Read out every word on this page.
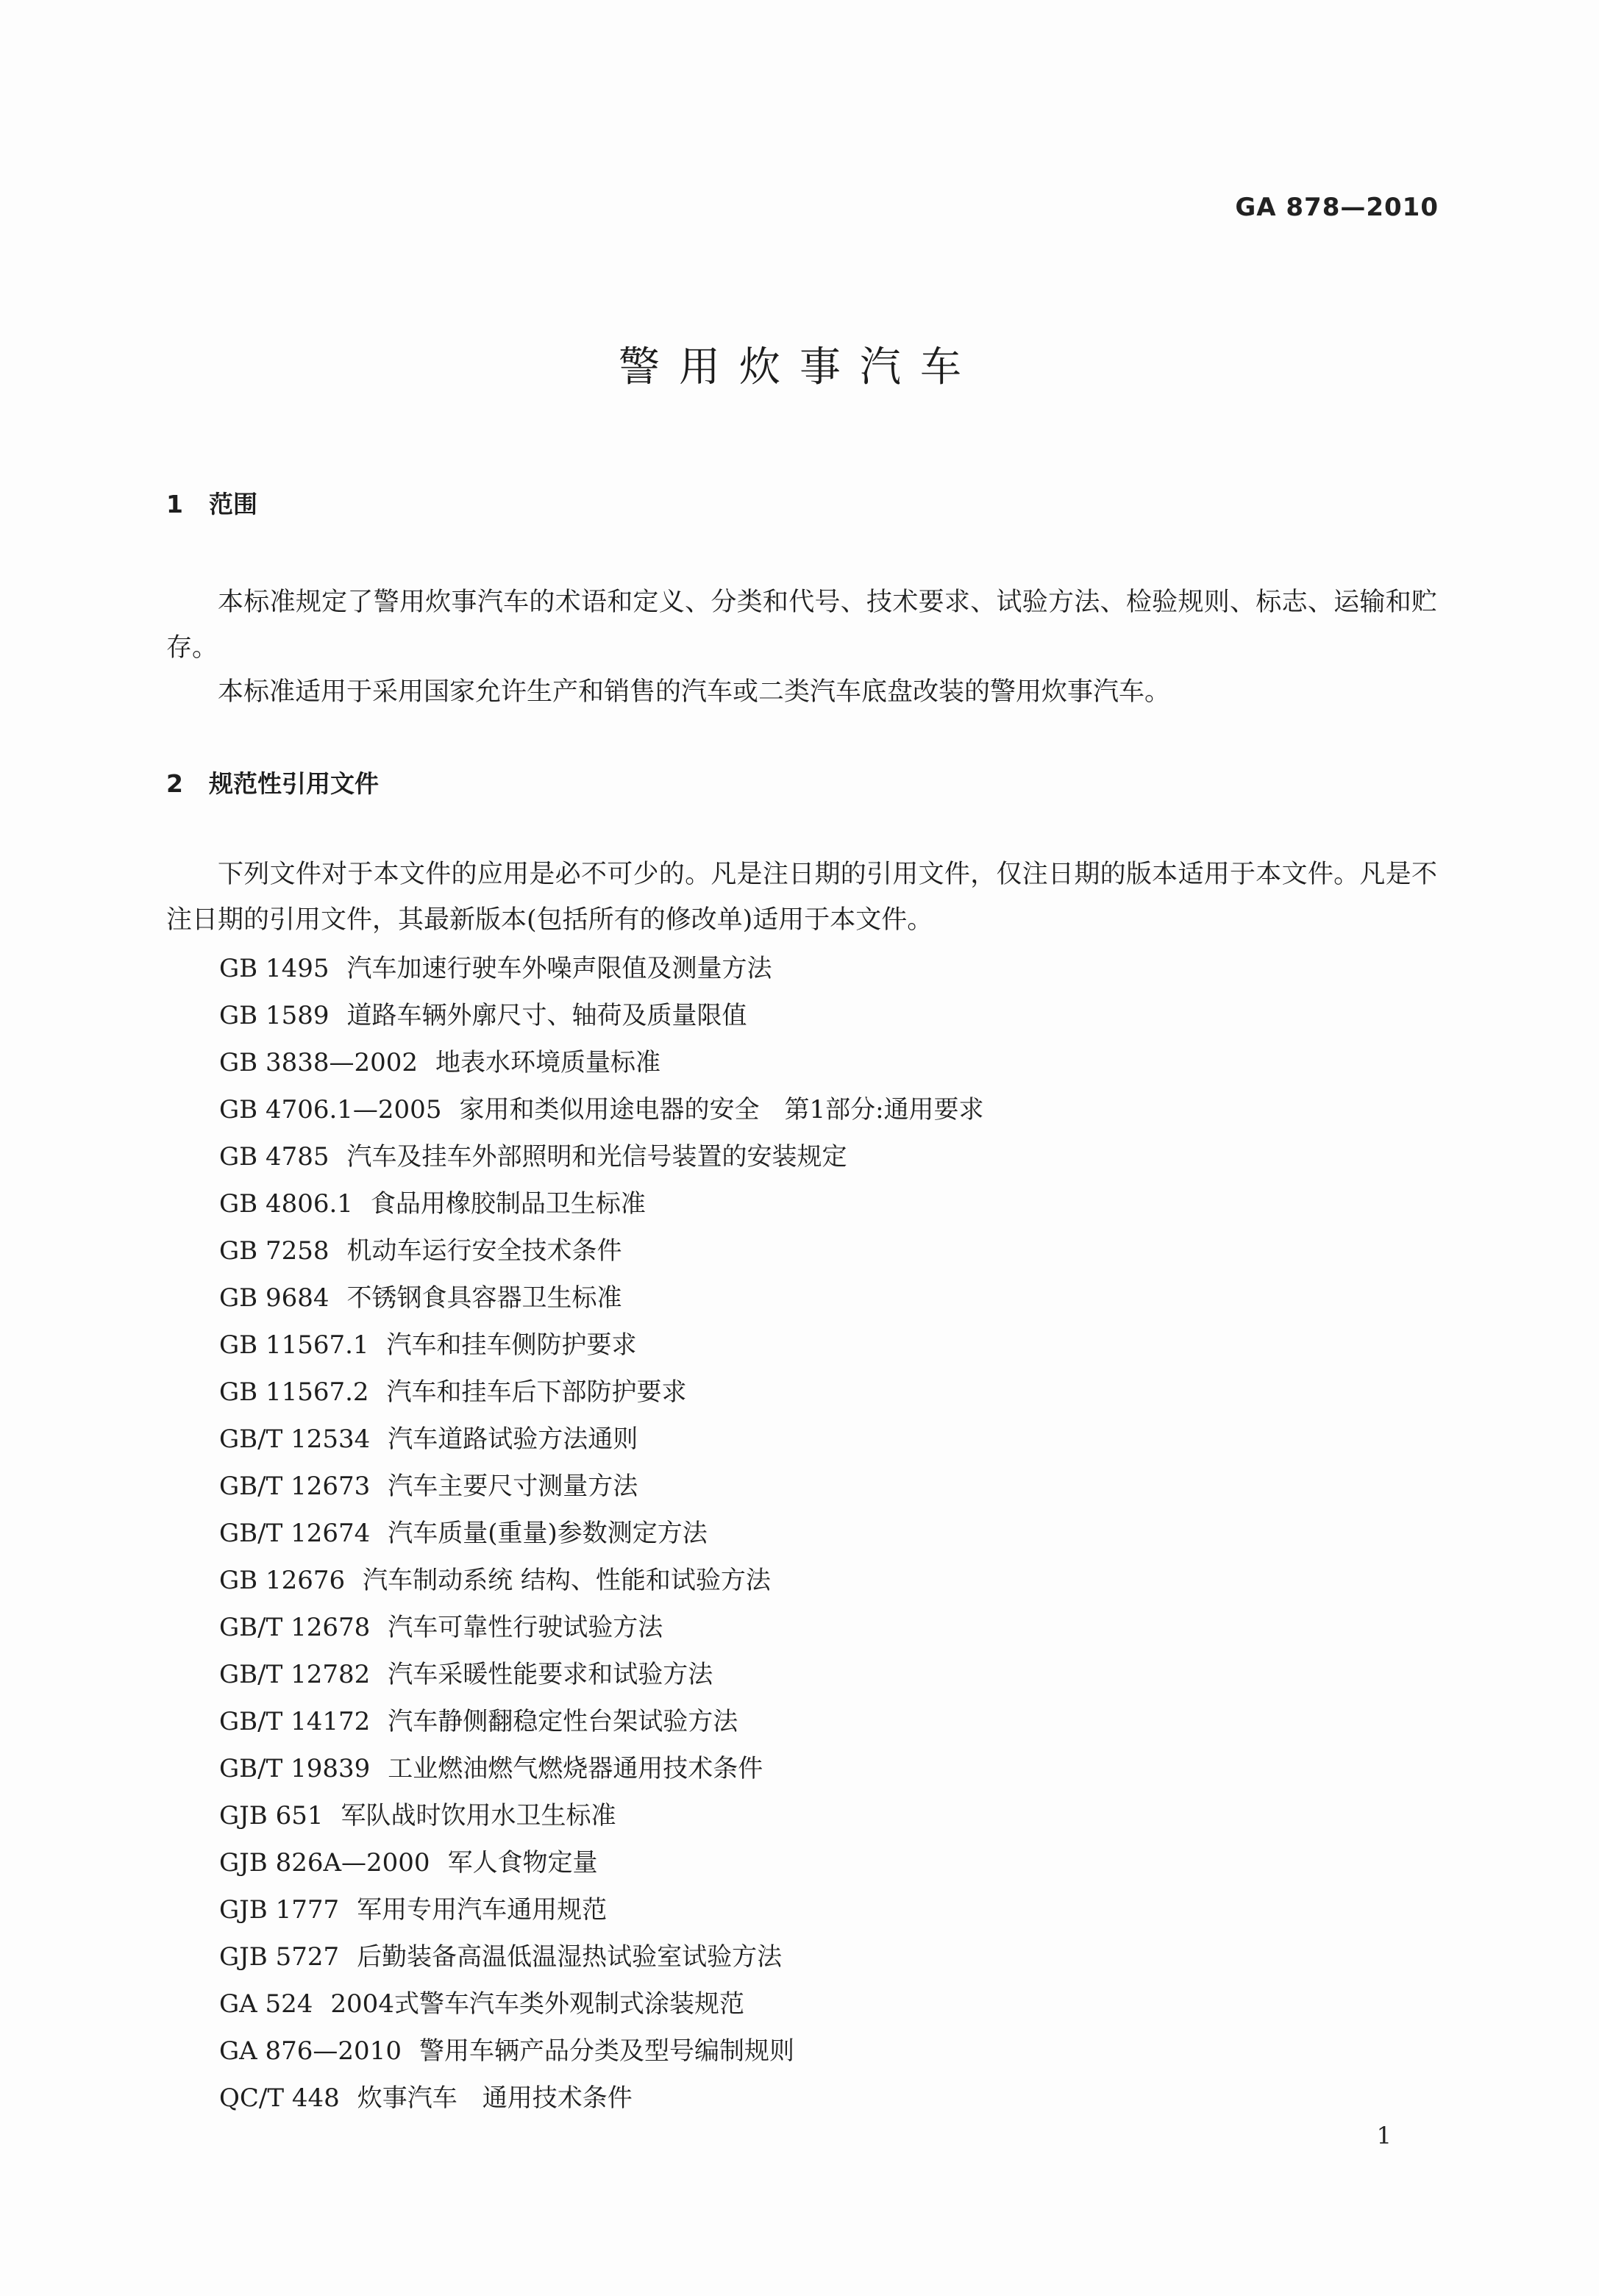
GA 878—2010
警用炊事汽车
1 范围
本标准规定了警用炊事汽车的术语和定义、分类和代号、技术要求、试验方法、检验规则、标志、运输和贮存。
本标准适用于采用国家允许生产和销售的汽车或二类汽车底盘改装的警用炊事汽车。
2 规范性引用文件
下列文件对于本文件的应用是必不可少的。凡是注日期的引用文件，仅注日期的版本适用于本文件。凡是不注日期的引用文件，其最新版本(包括所有的修改单)适用于本文件。
GB 1495 汽车加速行驶车外噪声限值及测量方法
GB 1589 道路车辆外廓尺寸、轴荷及质量限值
GB 3838—2002 地表水环境质量标准
GB 4706.1—2005 家用和类似用途电器的安全　第1部分:通用要求
GB 4785 汽车及挂车外部照明和光信号装置的安装规定
GB 4806.1 食品用橡胶制品卫生标准
GB 7258 机动车运行安全技术条件
GB 9684 不锈钢食具容器卫生标准
GB 11567.1 汽车和挂车侧防护要求
GB 11567.2 汽车和挂车后下部防护要求
GB/T 12534 汽车道路试验方法通则
GB/T 12673 汽车主要尺寸测量方法
GB/T 12674 汽车质量(重量)参数测定方法
GB 12676 汽车制动系统 结构、性能和试验方法
GB/T 12678 汽车可靠性行驶试验方法
GB/T 12782 汽车采暖性能要求和试验方法
GB/T 14172 汽车静侧翻稳定性台架试验方法
GB/T 19839 工业燃油燃气燃烧器通用技术条件
GJB 651 军队战时饮用水卫生标准
GJB 826A—2000 军人食物定量
GJB 1777 军用专用汽车通用规范
GJB 5727 后勤装备高温低温湿热试验室试验方法
GA 524 2004式警车汽车类外观制式涂装规范
GA 876—2010 警用车辆产品分类及型号编制规则
QC/T 448 炊事汽车　通用技术条件
1
